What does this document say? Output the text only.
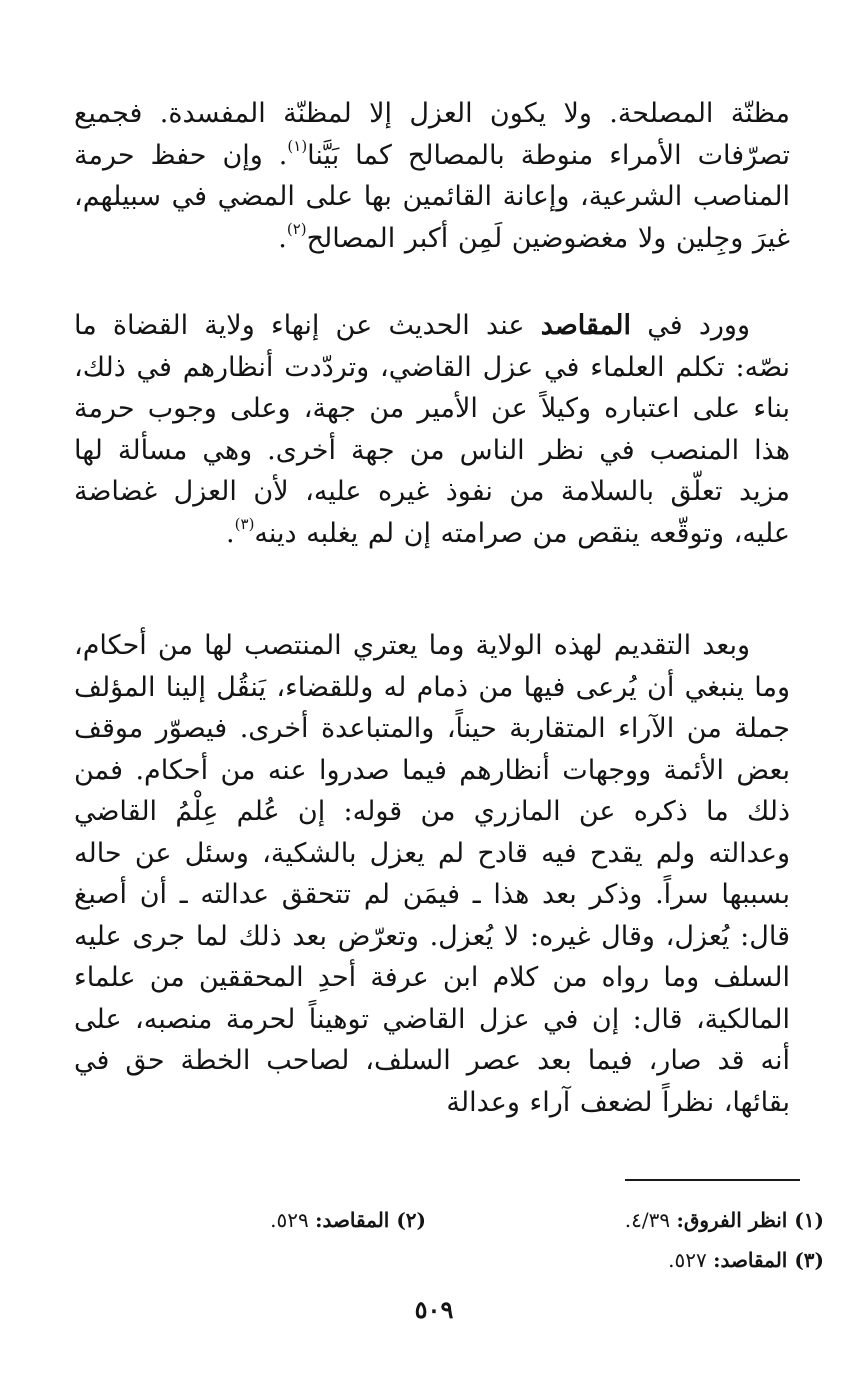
مظنّة المصلحة. ولا يكون العزل إلا لمظنّة المفسدة. فجميع تصرّفات الأمراء منوطة بالمصالح كما بَيَّنا$^{(١)}$. وإن حفظ حرمة المناصب الشرعية، وإعانة القائمين بها على المضي في سبيلهم، غيرَ وجِلين ولا مغضوضين لَمِن أكبر المصالح$^{(٢)}$.

وورد في المقاصد عند الحديث عن إنهاء ولاية القضاة ما نصّه: تكلم العلماء في عزل القاضي، وتردّدت أنظارهم في ذلك، بناء على اعتباره وكيلاً عن الأمير من جهة، وعلى وجوب حرمة هذا المنصب في نظر الناس من جهة أخرى. وهي مسألة لها مزيد تعلّق بالسلامة من نفوذ غيره عليه، لأن العزل غضاضة عليه، وتوقّعه ينقص من صرامته إن لم يغلبه دينه$^{(٣)}$.

وبعد التقديم لهذه الولاية وما يعتري المنتصب لها من أحكام، وما ينبغي أن يُرعى فيها من ذمام له وللقضاء، يَنقُل إلينا المؤلف جملة من الآراء المتقاربة حيناً، والمتباعدة أخرى. فيصوّر موقف بعض الأئمة ووجهات أنظارهم فيما صدروا عنه من أحكام. فمن ذلك ما ذكره عن المازري من قوله: إن عُلم عِلْمُ القاضي وعدالته ولم يقدح فيه قادح لم يعزل بالشكية، وسئل عن حاله بسببها سراً. وذكر بعد هذا ـ فيمَن لم تتحقق عدالته ـ أن أصبغ قال: يُعزل، وقال غيره: لا يُعزل. وتعرّض بعد ذلك لما جرى عليه السلف وما رواه من كلام ابن عرفة أحدِ المحققين من علماء المالكية، قال: إن في عزل القاضي توهيناً لحرمة منصبه، على أنه قد صار، فيما بعد عصر السلف، لصاحب الخطة حق في بقائها، نظراً لضعف آراء وعدالة

(١) انظر الفروق: ٤/٣٩.
(٢) المقاصد: ٥٢٩.
(٣) المقاصد: ٥٢٧.
٥٠٩
